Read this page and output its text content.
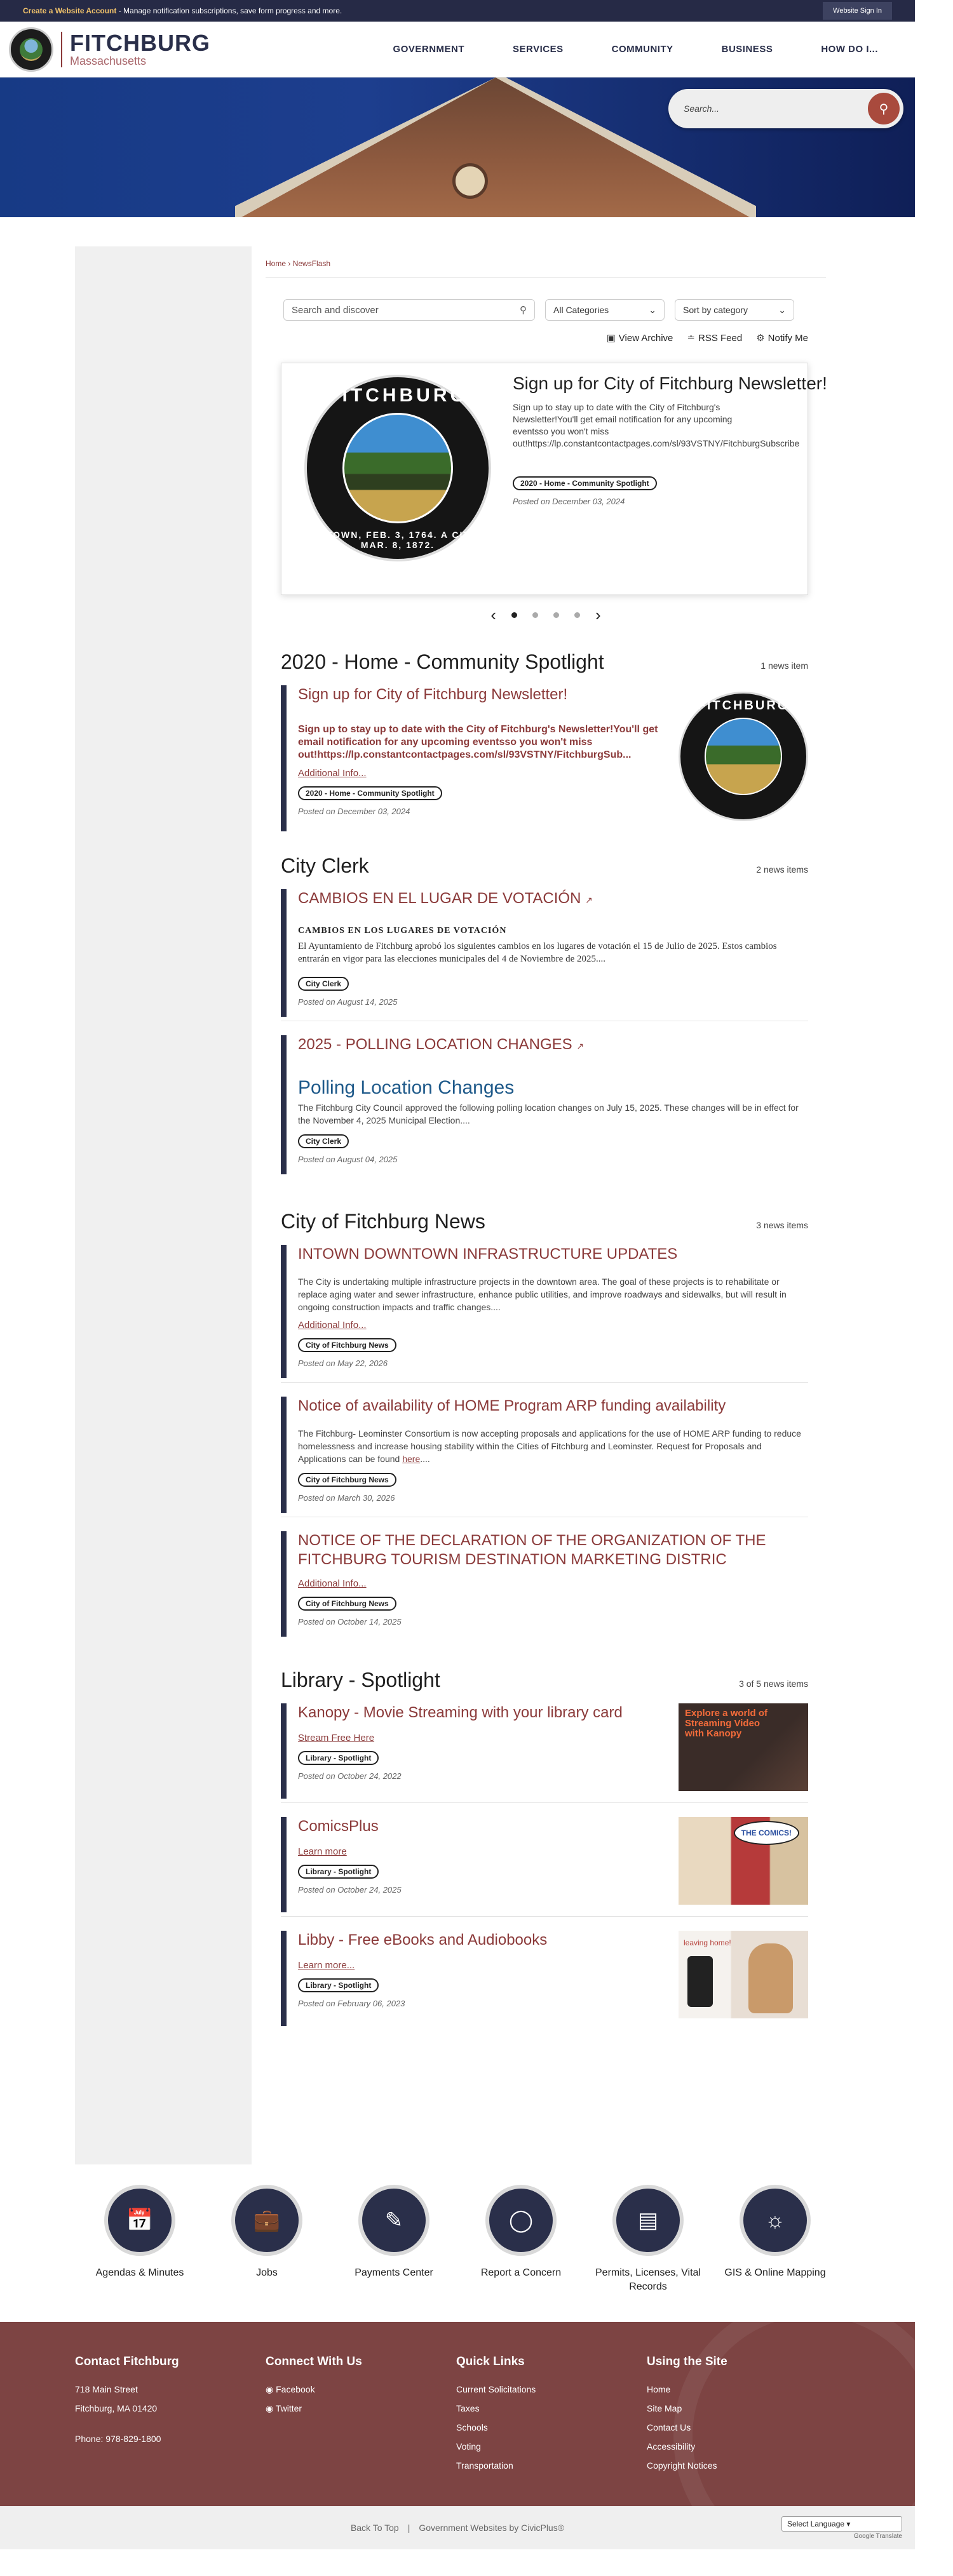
Create a Website Account - Manage notification subscriptions, save form progress and more.	Website Sign In
FITCHBURG
Massachusetts
GOVERNMENT	SERVICES	COMMUNITY	BUSINESS	HOW DO I...
Search...	⚲
Home › NewsFlash
Search and discover	⚲	All Categories	⌄	Sort by category	⌄
▣ View Archive ≐ RSS Feed ⚙ Notify Me
FITCHBURG
A TOWN, FEB. 3, 1764. A CITY, MAR. 8, 1872.
Sign up for City of Fitchburg Newsletter!
Sign up to stay up to date with the City of Fitchburg's Newsletter!You'll get email notification for any upcoming eventsso you won't miss out!https://lp.constantcontactpages.com/sl/93VSTNY/FitchburgSubscribe
2020 - Home - Community Spotlight
Posted on December 03, 2024
‹	›
2020 - Home - Community Spotlight	1 news item
Sign up for City of Fitchburg Newsletter!
Sign up to stay up to date with the City of Fitchburg's Newsletter!You'll get email notification for any upcoming eventsso you won't miss out!https://lp.constantcontactpages.com/sl/93VSTNY/FitchburgSub...
Additional Info...
2020 - Home - Community Spotlight
Posted on December 03, 2024
FITCHBURG
City Clerk	2 news items
CAMBIOS EN EL LUGAR DE VOTACIÓN ↗
CAMBIOS EN LOS LUGARES DE VOTACIÓN
El Ayuntamiento de Fitchburg aprobó los siguientes cambios en los lugares de votación el 15 de Julio de 2025. Estos cambios entrarán en vigor para las elecciones municipales del 4 de Noviembre de 2025....
City Clerk
Posted on August 14, 2025
2025 - POLLING LOCATION CHANGES ↗
Polling Location Changes
The Fitchburg City Council approved the following polling location changes on July 15, 2025. These changes will be in effect for the November 4, 2025 Municipal Election....
City Clerk
Posted on August 04, 2025
City of Fitchburg News	3 news items
INTOWN DOWNTOWN INFRASTRUCTURE UPDATES
The City is undertaking multiple infrastructure projects in the downtown area. The goal of these projects is to rehabilitate or replace aging water and sewer infrastructure, enhance public utilities, and improve roadways and sidewalks, but will result in ongoing construction impacts and traffic changes....
Additional Info...
City of Fitchburg News
Posted on May 22, 2026
Notice of availability of HOME Program ARP funding availability
The Fitchburg- Leominster Consortium is now accepting proposals and applications for the use of HOME ARP funding to reduce homelessness and increase housing stability within the Cities of Fitchburg and Leominster. Request for Proposals and Applications can be found here....
City of Fitchburg News
Posted on March 30, 2026
NOTICE OF THE DECLARATION OF THE ORGANIZATION OF THE FITCHBURG TOURISM DESTINATION MARKETING DISTRIC
Additional Info...
City of Fitchburg News
Posted on October 14, 2025
Library - Spotlight	3 of 5 news items
Kanopy - Movie Streaming with your library card
Stream Free Here
Library - Spotlight
Posted on October 24, 2022
Explore a world of Streaming Video with Kanopy
ComicsPlus
Learn more
Library - Spotlight
Posted on October 24, 2025
THE COMICS!
Libby - Free eBooks and Audiobooks
Learn more...
Library - Spotlight
Posted on February 06, 2023
leaving home!
📅
Agendas & Minutes
💼
Jobs
✎
Payments Center
◯
Report a Concern
▤
Permits, Licenses, Vital Records
☼
GIS & Online Mapping
Contact Fitchburg

718 Main Street

Fitchburg, MA 01420

Phone: 978-829-1800

Connect With Us
◉ Facebook
◉ Twitter
Quick Links
Current Solicitations
Taxes
Schools
Voting
Transportation
Using the Site
Home
Site Map
Contact Us
Accessibility
Copyright Notices
Back To Top | Government Websites by CivicPlus®	Select Language ▾
Google Translate
